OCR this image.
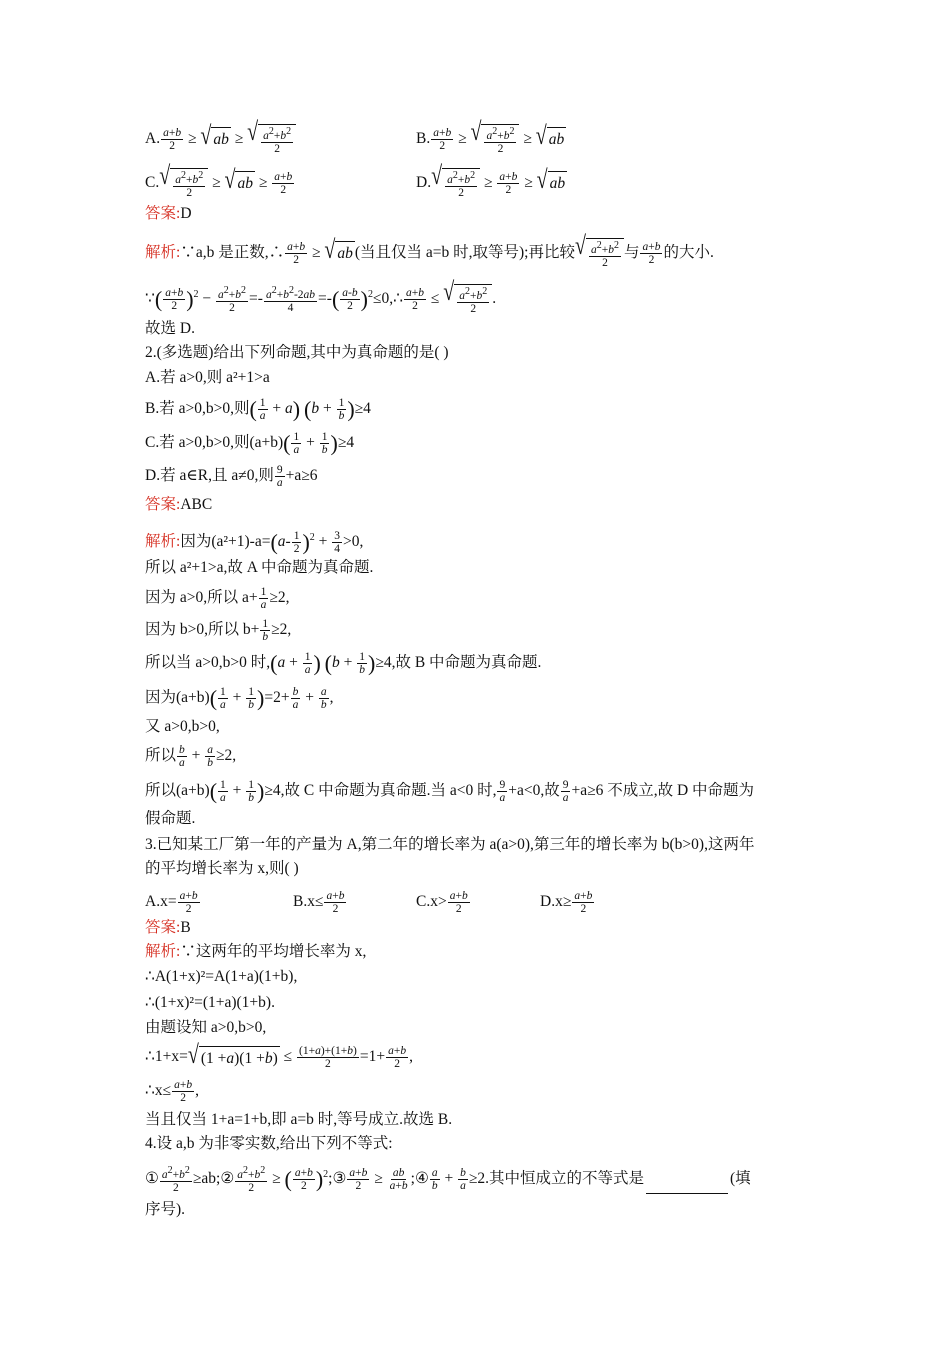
A. $\frac{a+b}{2}$ ≥ √ ab ≥ √ $a^2+b^2$
2
B. $\frac{a+b}{2}$ ≥ √ $a^2+b^2$
2
≥ √ ab
C. √ $a^2+b^2$
2
≥ √ ab ≥ $\frac{a+b}{2}$	D. √ $a^2+b^2$
2
≥ $\frac{a+b}{2}$ ≥ √ ab
答案:D
解析:∵a,b 是正数,∴ $\frac{a+b}{2}$ ≥ √ ab (当且仅当 a=b 时,取等号);再比较 √ $a^2+b^2$
2
与 $\frac{a+b}{2}$ 的大小.
∵( $\frac{a+b}{2} )^2 - \frac{a^2+b^2}{2} =- \frac{a^2+b^2-2ab}{4}$ =-( $\frac{a-b}{2}$ )$^2$≤0,∴ $\frac{a+b}{2}$ ≤ √ $a^2+b^2$
2
.
故选 D.
2.(多选题)给出下列命题,其中为真命题的是( )
A.若 a>0,则 a²+1>a
B.若 a>0,b>0,则( $\frac{1}{a} + a$) $(b + \frac{1}{b} )\ge 4$
C.若 a>0,b>0,则$(a+b)( \frac{1}{a} + \frac{1}{b} )\ge 4$
D.若 a∈R,且 a≠0,则 $\frac{9}{a} +a\ge 6$
答案:ABC
解析:因为$(a^2+1)-a=(a- \frac{1}{2} )^2 + \frac{3}{4} >0$,
所以 a²+1>a,故 A 中命题为真命题.
因为 a>0,所以 $a+ \frac{1}{a} \ge 2$,
因为 b>0,所以 $b+ \frac{1}{b} \ge 2$,
所以当 a>0,b>0 时$,(a + \frac{1}{a}$ ) $(b + \frac{1}{b} )\ge 4$,故 B 中命题为真命题.
因为$(a+b)( \frac{1}{a} + \frac{1}{b} )=2+ \frac{b}{a} + \frac{a}{b}$ ,
又 a>0,b>0,
所以 $\frac{b}{a} + \frac{a}{b} \ge 2$,
所以$(a+b)( \frac{1}{a} + \frac{1}{b} )\ge 4$,故 C 中命题为真命题.当 a<0 时, $\frac{9}{a} +a<0$,故 $\frac{9}{a} +a\ge 6$ 不成立,故 D 中命题为
假命题.
3.已知某工厂第一年的产量为 A,第二年的增长率为 a(a>0),第三年的增长率为 b(b>0),这两年
的平均增长率为 x,则( )
$A.x= \frac{a+b}{2}$	$B.x\le \frac{a+b}{2}$	$C.x> \frac{a+b}{2}$	$D.x\ge \frac{a+b}{2}$
答案:B
解析:∵这两年的平均增长率为 x,
∴A(1+x)²=A(1+a)(1+b),
∴(1+x)²=(1+a)(1+b).
由题设知 a>0,b>0,
∴1+x= √ (1 + a )(1 + b ) ≤ $\frac{(1+a)+(1+b)}{2} =1+ \frac{a+b}{2}$ ,
∴x≤ $\frac{a+b}{2}$ ,
当且仅当 1+a=1+b,即 a=b 时,等号成立.故选 B.
4.设 a,b 为非零实数,给出下列不等式:
① $\frac{a^2+b^2}{2}$ ≥ab;② $\frac{a^2+b^2}{2}$ ≥ ( $\frac{a+b}{2}$ )$^2$;③ $\frac{a+b}{2} \ge \frac{ab}{a+b}$ ;④ $\frac{a}{b} + \frac{b}{a} \ge 2$.其中恒成立的不等式是	(填
序号).
